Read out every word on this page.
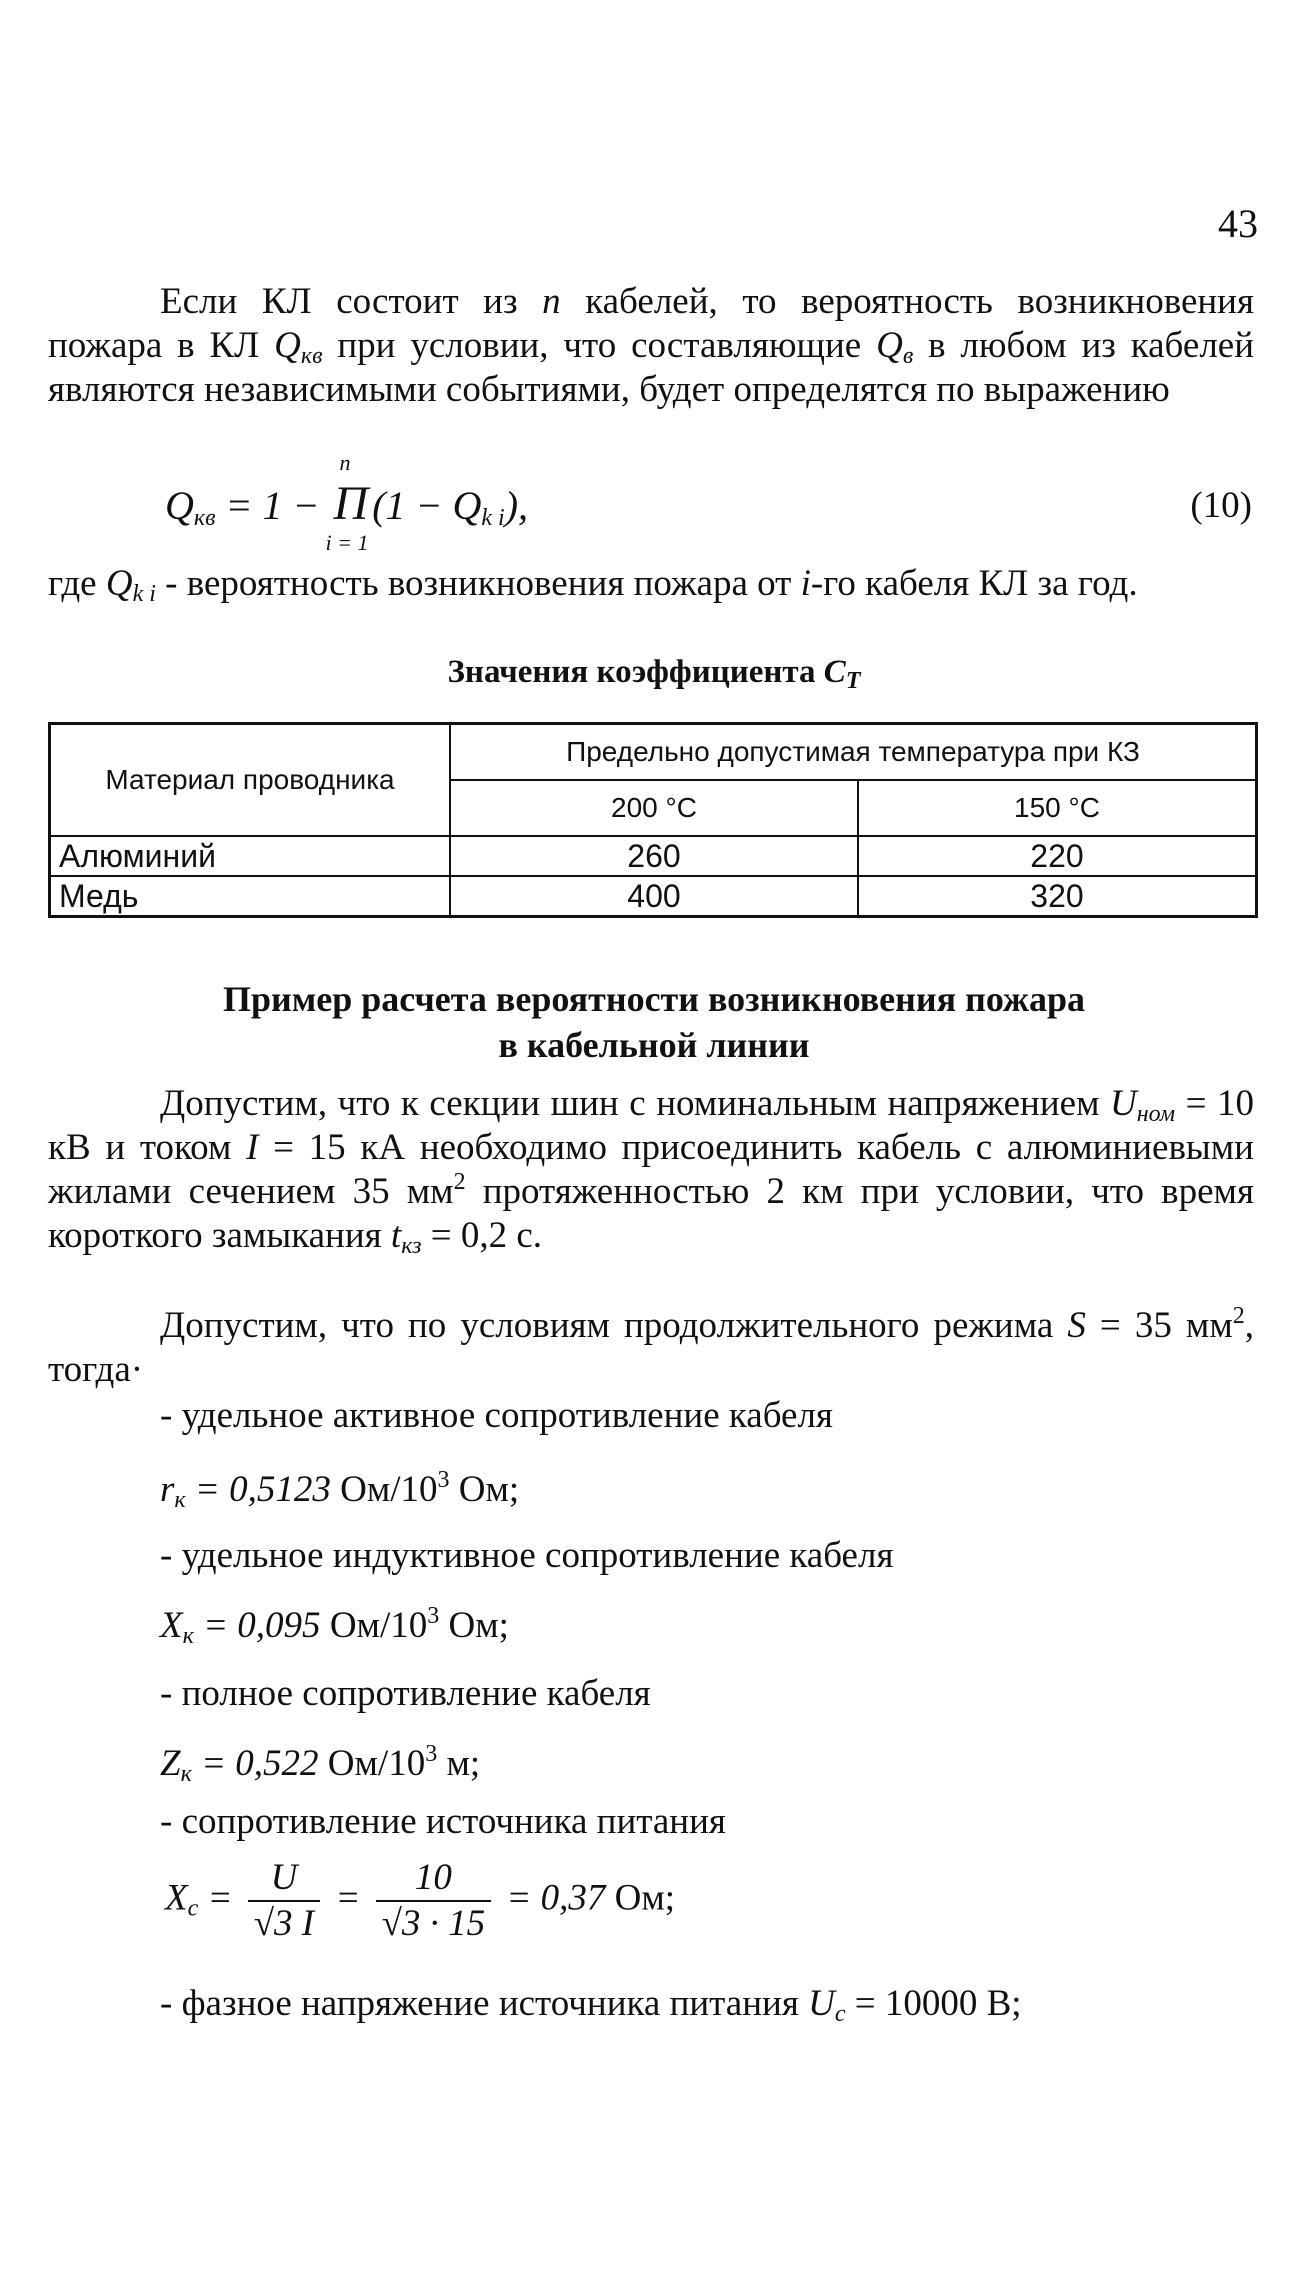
43
Если КЛ состоит из n кабелей, то вероятность возникновения пожара в КЛ $Q_{кв}$ при условии, что составляющие $Q_в$ в любом из кабелей являются независимыми событиями, будет определятся по выражению
$Q_{кв} = 1 - \Pi$
n
i = 1
$(1 - Q_{k i})$,	(10)
где $Q_{k i}$ - вероятность возникновения пожара от i-го кабеля КЛ за год.
Значения коэффициента $C_T$
Материал проводника	Предельно допустимая температура при КЗ	
	200 °С	150 °С
Алюминий	260	220
Медь	400	320
Пример расчета вероятности возникновения пожара
в кабельной линии
Допустим, что к секции шин с номинальным напряжением $U_{ном} = 10$ кВ и током I = 15 кА необходимо присоединить кабель с алюминиевыми жилами сечением 35 $мм^2$ протяженностью 2 км при условии, что время короткого замыкания $t_{кз} = 0,2$ с.
Допустим, что по условиям продолжительного режима S = 35 $мм^2$, тогда·
- удельное активное сопротивление кабеля
$r_к = 0,5123$ $Ом/10^3$ Ом;
- удельное индуктивное сопротивление кабеля
$X_к = 0,095$ $Ом/10^3$ Ом;
- полное сопротивление кабеля
$Z_к = 0,522$ $Ом/10^3$ м;
- сопротивление источника питания
$X_c = \frac{U}{√3 I} = \frac{10}{√3 \cdot 15} = 0,37$ Ом;
- фазное напряжение источника питания $U_c = 10000$ В;
